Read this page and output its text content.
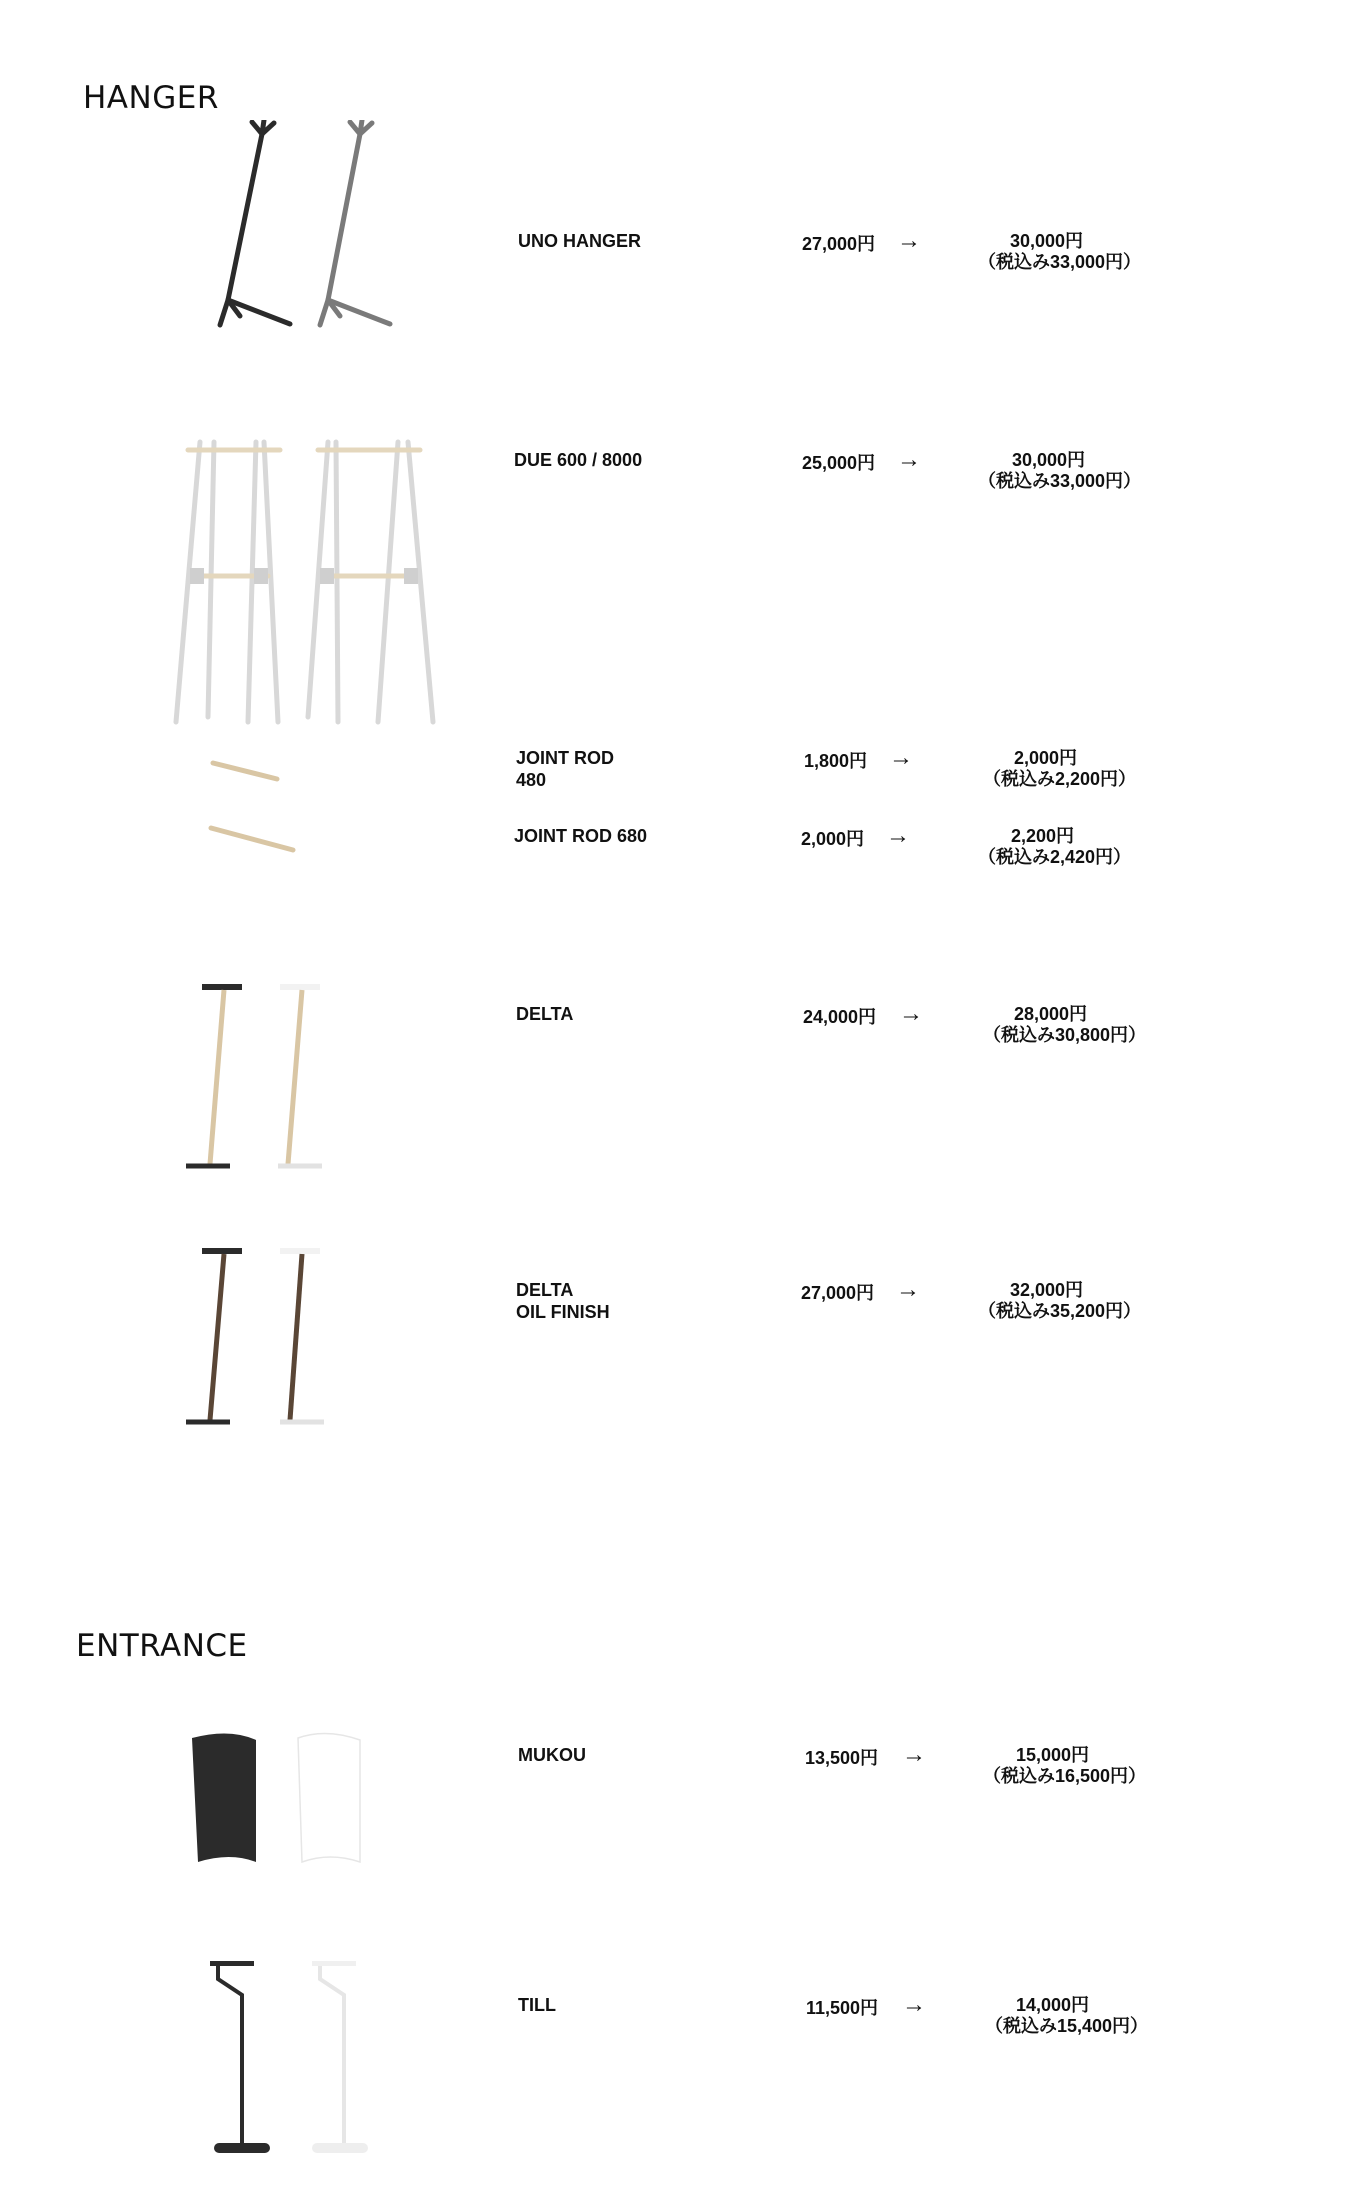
HANGER
ENTRANCE
UNO HANGER	27,000円 →	30,000円
（税込み33,000円）
DUE 600 / 8000	25,000円 →	30,000円
（税込み33,000円）
JOINT ROD
480
1,800円 →	2,000円
（税込み2,200円）
JOINT ROD 680	2,000円 →	2,200円
（税込み2,420円）
DELTA	24,000円 →	28,000円
（税込み30,800円）
DELTA
OIL FINISH
27,000円 →	32,000円
（税込み35,200円）
MUKOU	13,500円 →	15,000円
（税込み16,500円）
TILL	11,500円 →	14,000円
（税込み15,400円）
